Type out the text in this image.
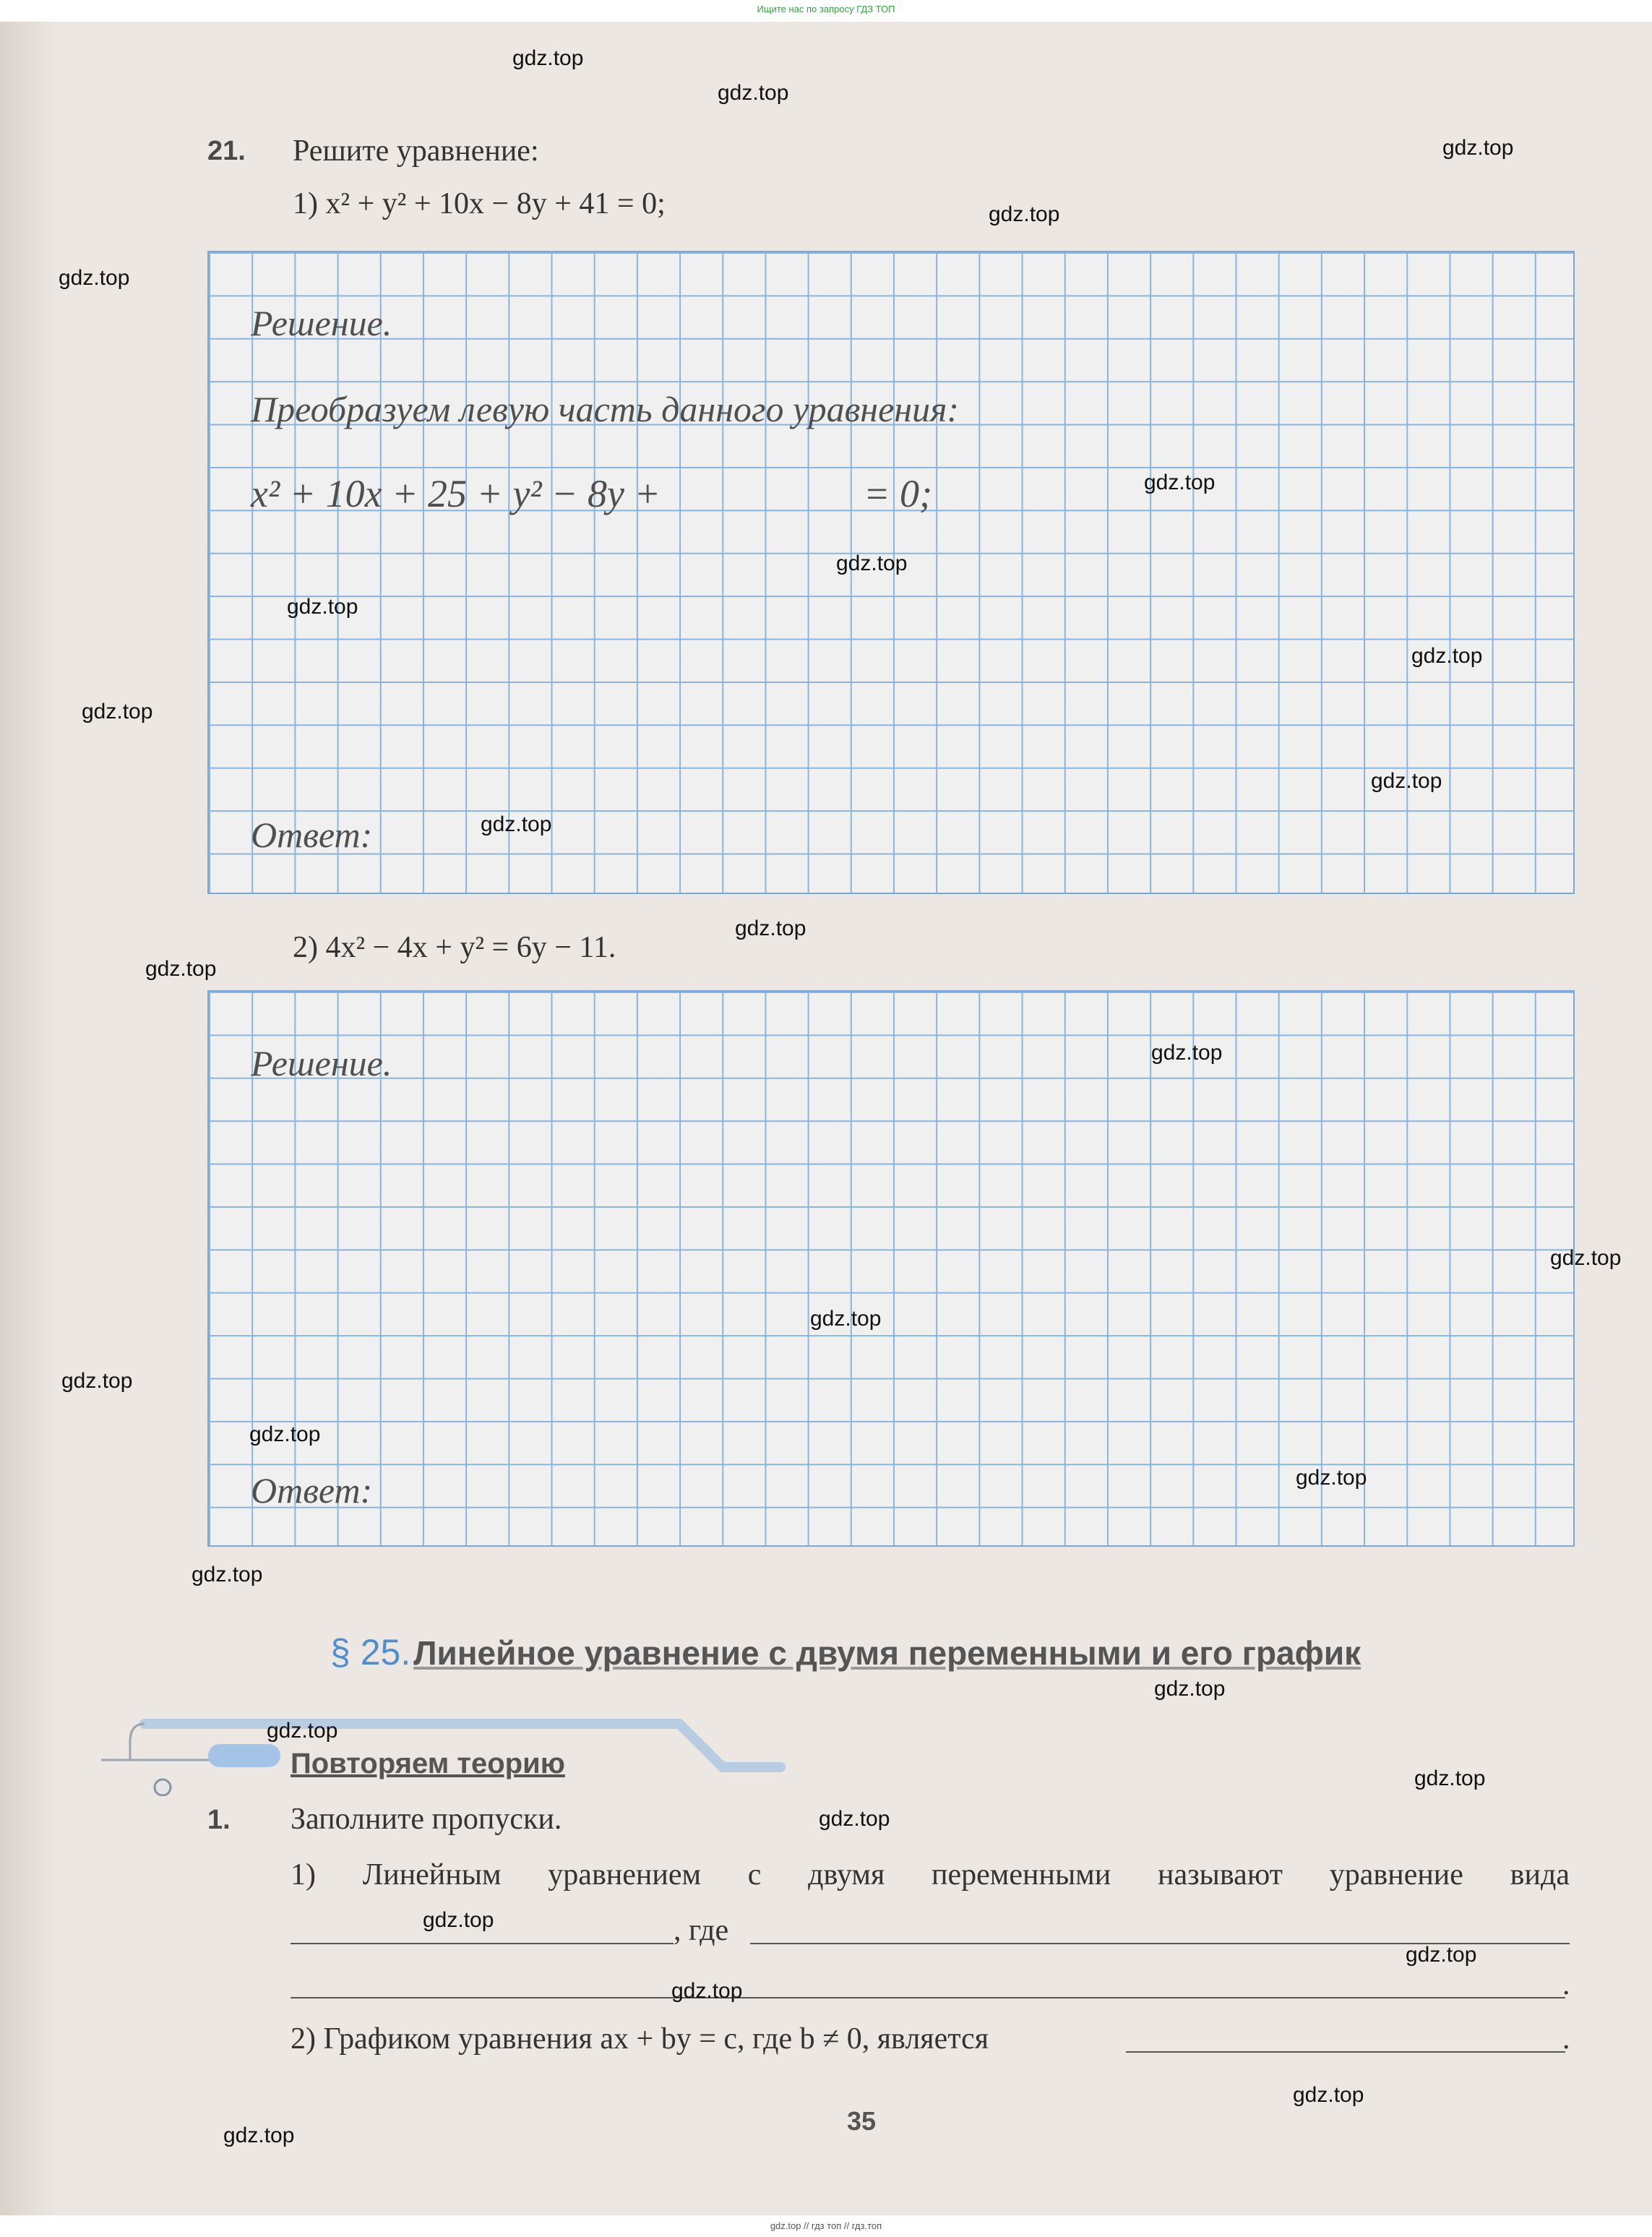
Ищите нас по запросу ГДЗ ТОП
21. Решите уравнение:
1) x² + y² + 10x − 8y + 41 = 0;
Решение.
Преобразуем левую часть данного уравнения:
x² + 10x + 25 + y² − 8y +	= 0;
Ответ:
2) 4x² − 4x + y² = 6y − 11.
Решение.
Ответ:
§ 25. Линейное уравнение с двумя переменными и его график
Повторяем теорию
1. Заполните пропуски.
1) Линейным уравнением с двумя переменными называют уравнение вида
, где
.
2) Графиком уравнения ax + by = c, где b ≠ 0, является	.
35
gdz.top
gdz.top
gdz.top
gdz.top
gdz.top
gdz.top
gdz.top
gdz.top
gdz.top
gdz.top
gdz.top
gdz.top
gdz.top
gdz.top
gdz.top
gdz.top
gdz.top
gdz.top
gdz.top
gdz.top
gdz.top
gdz.top
gdz.top
gdz.top
gdz.top
gdz.top
gdz.top
gdz.top
gdz.top
gdz.top
gdz.top // гдз топ // гдз.топ
